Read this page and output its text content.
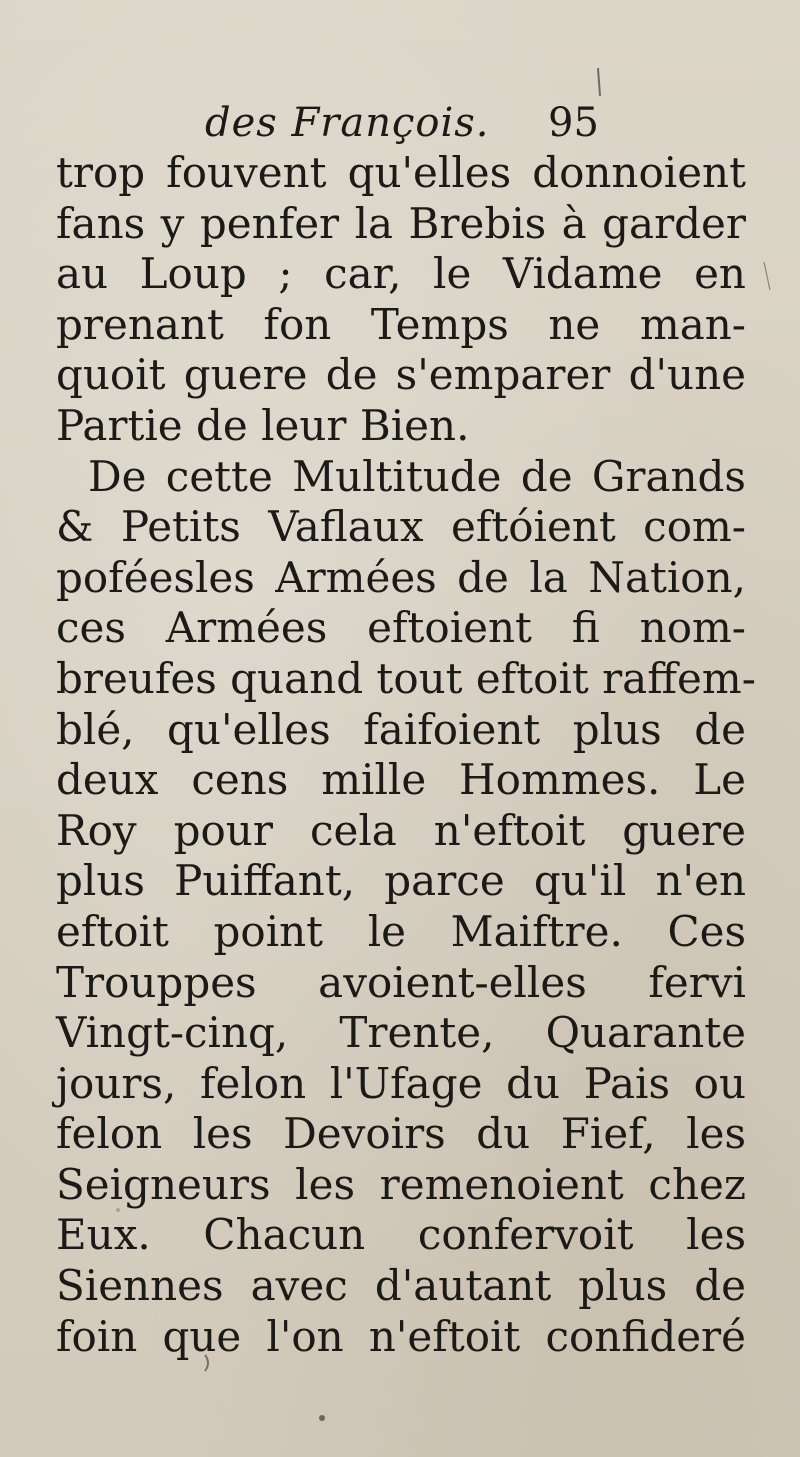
des François. 95
trop fouvent qu'elles donnoient
fans y penfer la Brebis à garder
au Loup ; car, le Vidame en
prenant fon Temps ne man-
quoit guere de s'emparer d'une
Partie de leur Bien.
De cette Multitude de Grands
& Petits Vaflaux eftóient com-
poféesles Armées de la Nation,
ces Armées eftoient fi nom-
breufes quand tout eftoit raffem-
blé, qu'elles faifoient plus de
deux cens mille Hommes. Le
Roy pour cela n'eftoit guere
plus Puiffant, parce qu'il n'en
eftoit point le Maiftre. Ces
Trouppes avoient-elles fervi
Vingt-cinq, Trente, Quarante
jours, felon l'Ufage du Pais ou
felon les Devoirs du Fief, les
Seigneurs les remenoient chez
Eux. Chacun confervoit les
Siennes avec d'autant plus de
foin que l'on n'eftoit confideré
